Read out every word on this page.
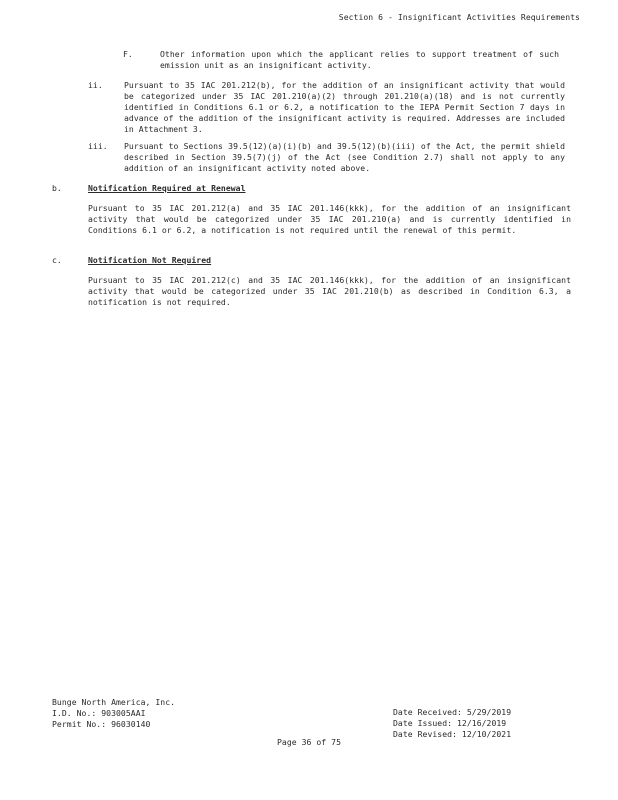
Section 6 - Insignificant Activities Requirements
F.	Other information upon which the applicant relies to support treatment of such emission unit as an insignificant activity.
ii.	Pursuant to 35 IAC 201.212(b), for the addition of an insignificant activity that would be categorized under 35 IAC 201.210(a)(2) through 201.210(a)(18) and is not currently identified in Conditions 6.1 or 6.2, a notification to the IEPA Permit Section 7 days in advance of the addition of the insignificant activity is required. Addresses are included in Attachment 3.
iii.	Pursuant to Sections 39.5(12)(a)(i)(b) and 39.5(12)(b)(iii) of the Act, the permit shield described in Section 39.5(7)(j) of the Act (see Condition 2.7) shall not apply to any addition of an insignificant activity noted above.
b.	Notification Required at Renewal
Pursuant to 35 IAC 201.212(a) and 35 IAC 201.146(kkk), for the addition of an insignificant activity that would be categorized under 35 IAC 201.210(a) and is currently identified in Conditions 6.1 or 6.2, a notification is not required until the renewal of this permit.
c.	Notification Not Required
Pursuant to 35 IAC 201.212(c) and 35 IAC 201.146(kkk), for the addition of an insignificant activity that would be categorized under 35 IAC 201.210(b) as described in Condition 6.3, a notification is not required.
Bunge North America, Inc.
I.D. No.: 903005AAI
Permit No.: 96030140
Date Received: 5/29/2019
Date Issued: 12/16/2019
Date Revised: 12/10/2021
Page 36 of 75
